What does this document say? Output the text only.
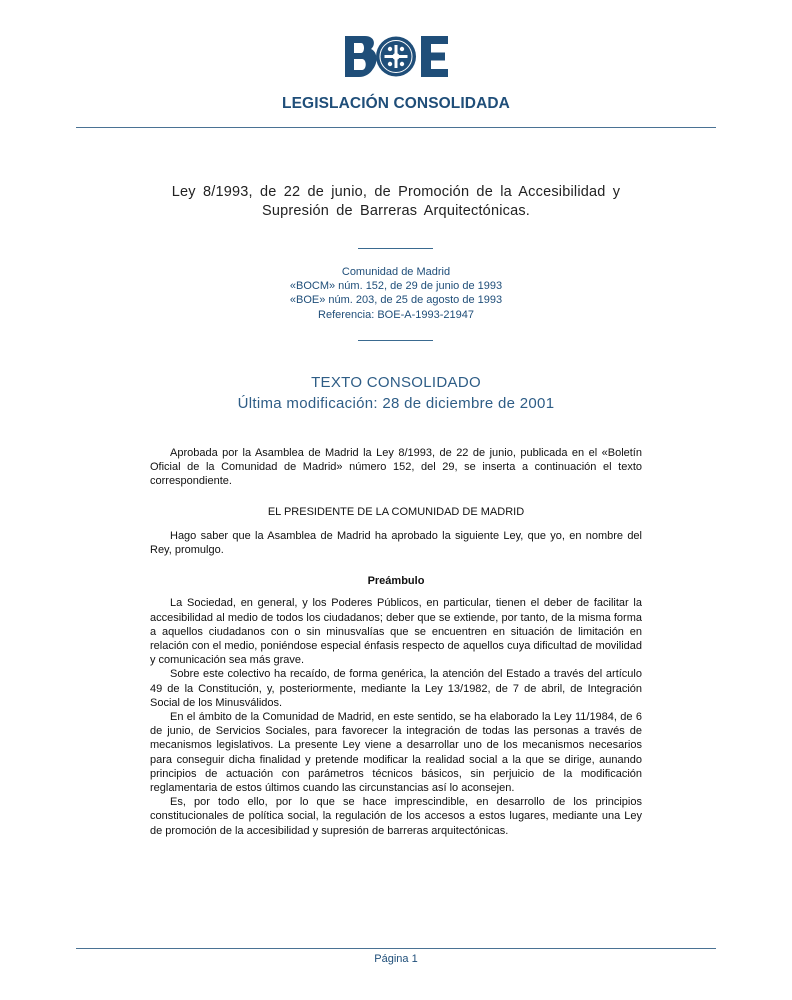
LEGISLACIÓN CONSOLIDADA
Ley 8/1993, de 22 de junio, de Promoción de la Accesibilidad y
Supresión de Barreras Arquitectónicas.
Comunidad de Madrid
«BOCM» núm. 152, de 29 de junio de 1993
«BOE» núm. 203, de 25 de agosto de 1993
Referencia: BOE-A-1993-21947
TEXTO CONSOLIDADO
Última modificación: 28 de diciembre de 2001

Aprobada por la Asamblea de Madrid la Ley 8/1993, de 22 de junio, publicada en el «Boletín Oficial de la Comunidad de Madrid» número 152, del 29, se inserta a continuación el texto correspondiente.

EL PRESIDENTE DE LA COMUNIDAD DE MADRID

Hago saber que la Asamblea de Madrid ha aprobado la siguiente Ley, que yo, en nombre del Rey, promulgo.

Preámbulo

La Sociedad, en general, y los Poderes Públicos, en particular, tienen el deber de facilitar la accesibilidad al medio de todos los ciudadanos; deber que se extiende, por tanto, de la misma forma a aquellos ciudadanos con o sin minusvalías que se encuentren en situación de limitación en relación con el medio, poniéndose especial énfasis respecto de aquellos cuya dificultad de movilidad y comunicación sea más grave.

Sobre este colectivo ha recaído, de forma genérica, la atención del Estado a través del artículo 49 de la Constitución, y, posteriormente, mediante la Ley 13/1982, de 7 de abril, de Integración Social de los Minusválidos.

En el ámbito de la Comunidad de Madrid, en este sentido, se ha elaborado la Ley 11/1984, de 6 de junio, de Servicios Sociales, para favorecer la integración de todas las personas a través de mecanismos legislativos. La presente Ley viene a desarrollar uno de los mecanismos necesarios para conseguir dicha finalidad y pretende modificar la realidad social a la que se dirige, aunando principios de actuación con parámetros técnicos básicos, sin perjuicio de la modificación reglamentaria de estos últimos cuando las circunstancias así lo aconsejen.

Es, por todo ello, por lo que se hace imprescindible, en desarrollo de los principios constitucionales de política social, la regulación de los accesos a estos lugares, mediante una Ley de promoción de la accesibilidad y supresión de barreras arquitectónicas.

Página 1
